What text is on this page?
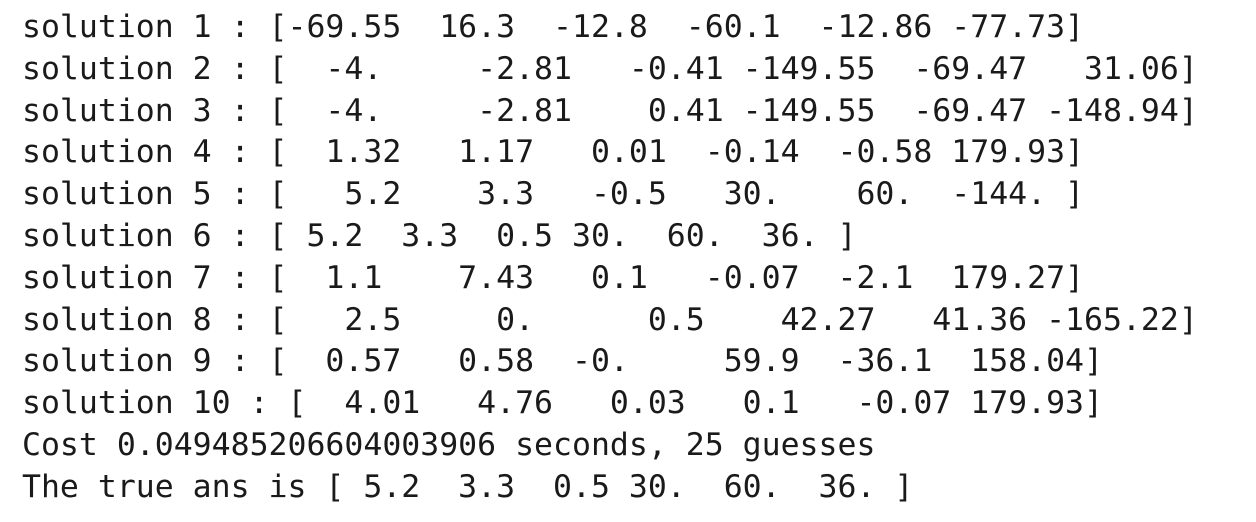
solution 1 : [-69.55  16.3  -12.8  -60.1  -12.86 -77.73]
solution 2 : [  -4.     -2.81   -0.41 -149.55  -69.47   31.06]
solution 3 : [  -4.     -2.81    0.41 -149.55  -69.47 -148.94]
solution 4 : [  1.32   1.17   0.01  -0.14  -0.58 179.93]
solution 5 : [   5.2    3.3   -0.5   30.    60.  -144. ]
solution 6 : [ 5.2  3.3  0.5 30.  60.  36. ]
solution 7 : [  1.1    7.43   0.1   -0.07  -2.1  179.27]
solution 8 : [   2.5     0.      0.5    42.27   41.36 -165.22]
solution 9 : [  0.57   0.58  -0.     59.9  -36.1  158.04]
solution 10 : [  4.01   4.76   0.03   0.1   -0.07 179.93]
Cost 0.04948520660400390​6 seconds, 25 guesses
The true ans is [ 5.2  3.3  0.5 30.  60.  36. ]
